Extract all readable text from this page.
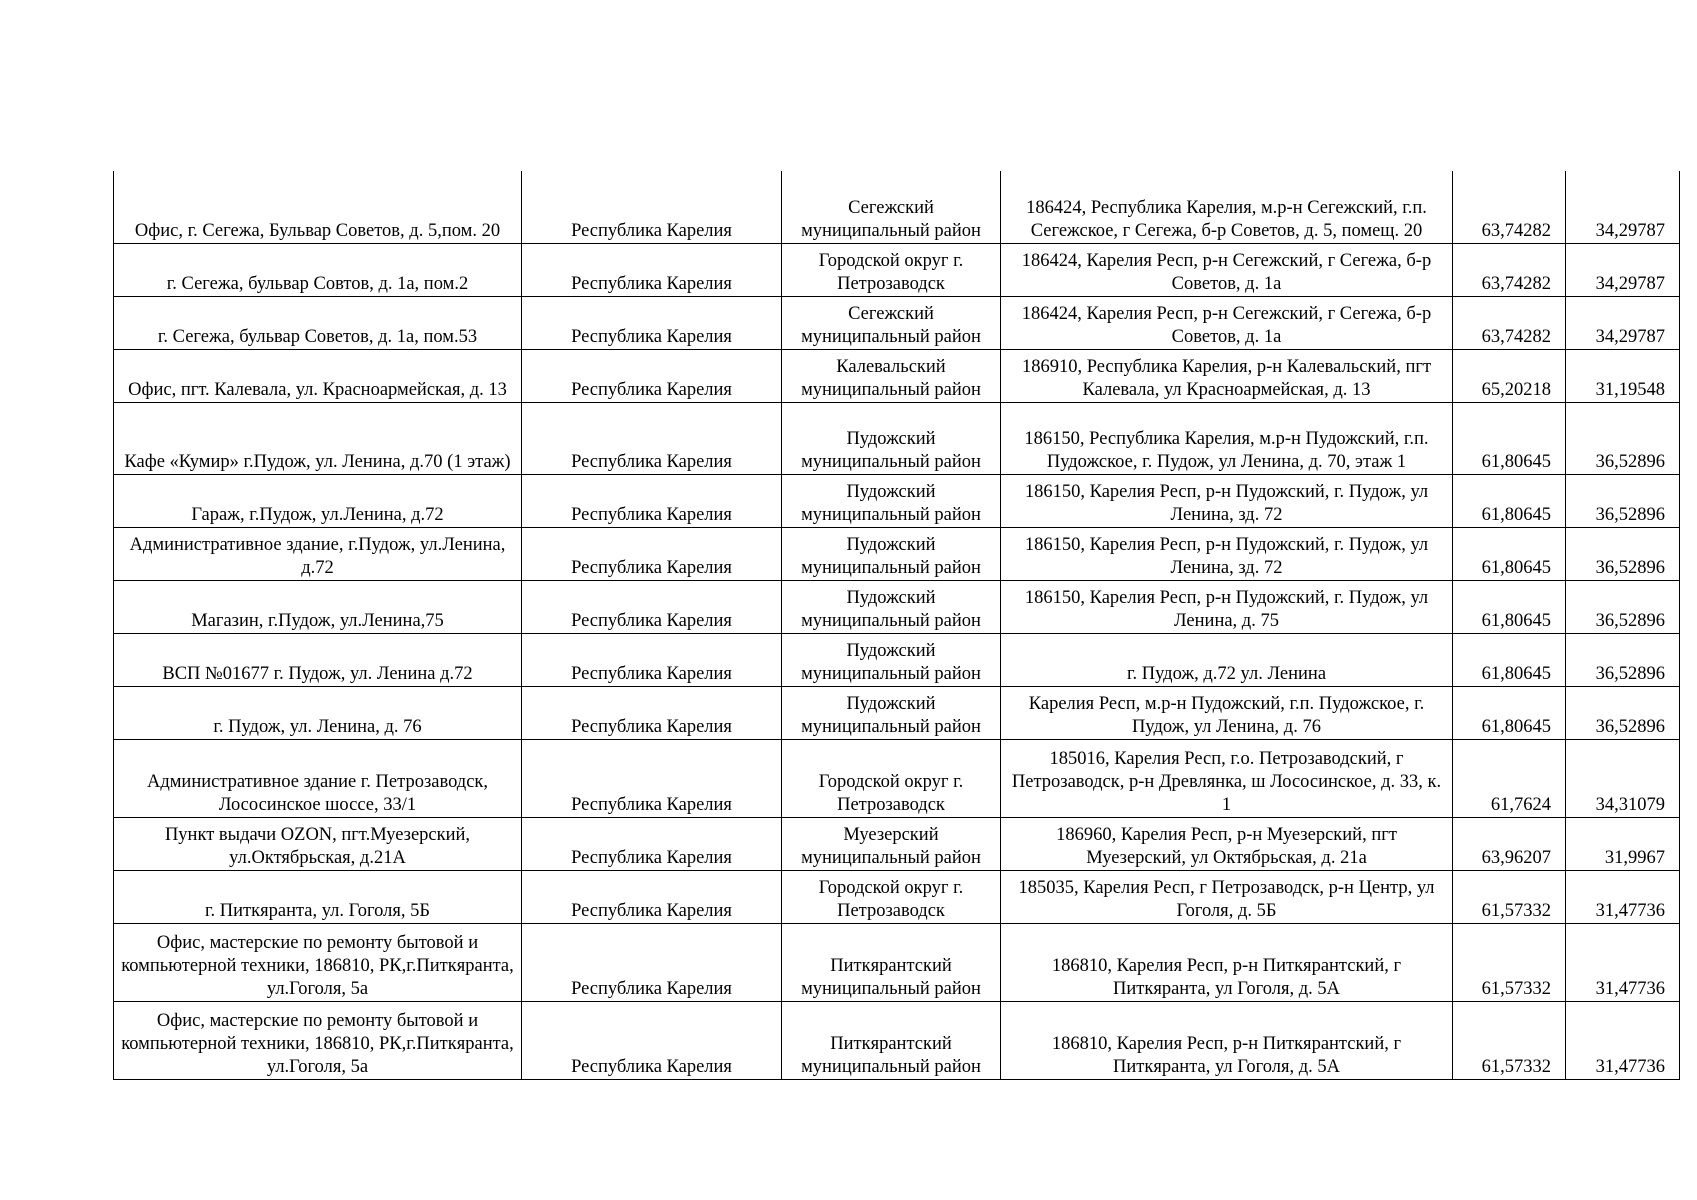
Офис, г. Сегежа, Бульвар Советов, д. 5,пом. 20	Республика Карелия	Сегежский муниципальный район	186424, Республика Карелия, м.р-н Сегежский, г.п. Сегежское, г Сегежа, б-р Советов, д. 5, помещ. 20	63,74282	34,29787
г. Сегежа, бульвар Совтов, д. 1а, пом.2	Республика Карелия	Городской округ г. Петрозаводск	186424, Карелия Респ, р-н Сегежский, г Сегежа, б-р Советов, д. 1а	63,74282	34,29787
г. Сегежа, бульвар Советов, д. 1а, пом.53	Республика Карелия	Сегежский муниципальный район	186424, Карелия Респ, р-н Сегежский, г Сегежа, б-р Советов, д. 1а	63,74282	34,29787
Офис, пгт. Калевала, ул. Красноармейская, д. 13	Республика Карелия	Калевальский муниципальный район	186910, Республика Карелия, р-н Калевальский, пгт Калевала, ул Красноармейская, д. 13	65,20218	31,19548
Кафе «Кумир» г.Пудож, ул. Ленина, д.70 (1 этаж)	Республика Карелия	Пудожский муниципальный район	186150, Республика Карелия, м.р-н Пудожский, г.п. Пудожское, г. Пудож, ул Ленина, д. 70, этаж 1	61,80645	36,52896
Гараж, г.Пудож, ул.Ленина, д.72	Республика Карелия	Пудожский муниципальный район	186150, Карелия Респ, р-н Пудожский, г. Пудож, ул Ленина, зд. 72	61,80645	36,52896
Административное здание, г.Пудож, ул.Ленина, д.72	Республика Карелия	Пудожский муниципальный район	186150, Карелия Респ, р-н Пудожский, г. Пудож, ул Ленина, зд. 72	61,80645	36,52896
Магазин, г.Пудож, ул.Ленина,75	Республика Карелия	Пудожский муниципальный район	186150, Карелия Респ, р-н Пудожский, г. Пудож, ул Ленина, д. 75	61,80645	36,52896
ВСП №01677 г. Пудож, ул. Ленина д.72	Республика Карелия	Пудожский муниципальный район	г. Пудож, д.72 ул. Ленина	61,80645	36,52896
г. Пудож, ул. Ленина, д. 76	Республика Карелия	Пудожский муниципальный район	Карелия Респ, м.р-н Пудожский, г.п. Пудожское, г. Пудож, ул Ленина, д. 76	61,80645	36,52896
Административное здание г. Петрозаводск, Лососинское шоссе, 33/1	Республика Карелия	Городской округ г. Петрозаводск	185016, Карелия Респ, г.о. Петрозаводский, г Петрозаводск, р-н Древлянка, ш Лососинское, д. 33, к. 1	61,7624	34,31079
Пункт выдачи OZON, пгт.Муезерский, ул.Октябрьская, д.21А	Республика Карелия	Муезерский муниципальный район	186960, Карелия Респ, р-н Муезерский, пгт Муезерский, ул Октябрьская, д. 21а	63,96207	31,9967
г. Питкяранта, ул. Гоголя, 5Б	Республика Карелия	Городской округ г. Петрозаводск	185035, Карелия Респ, г Петрозаводск, р-н Центр, ул Гоголя, д. 5Б	61,57332	31,47736
Офис, мастерские по ремонту бытовой и компьютерной техники, 186810, РК,г.Питкяранта, ул.Гоголя, 5а	Республика Карелия	Питкярантский муниципальный район	186810, Карелия Респ, р-н Питкярантский, г Питкяранта, ул Гоголя, д. 5А	61,57332	31,47736
Офис, мастерские по ремонту бытовой и компьютерной техники, 186810, РК,г.Питкяранта, ул.Гоголя, 5а	Республика Карелия	Питкярантский муниципальный район	186810, Карелия Респ, р-н Питкярантский, г Питкяранта, ул Гоголя, д. 5А	61,57332	31,47736
